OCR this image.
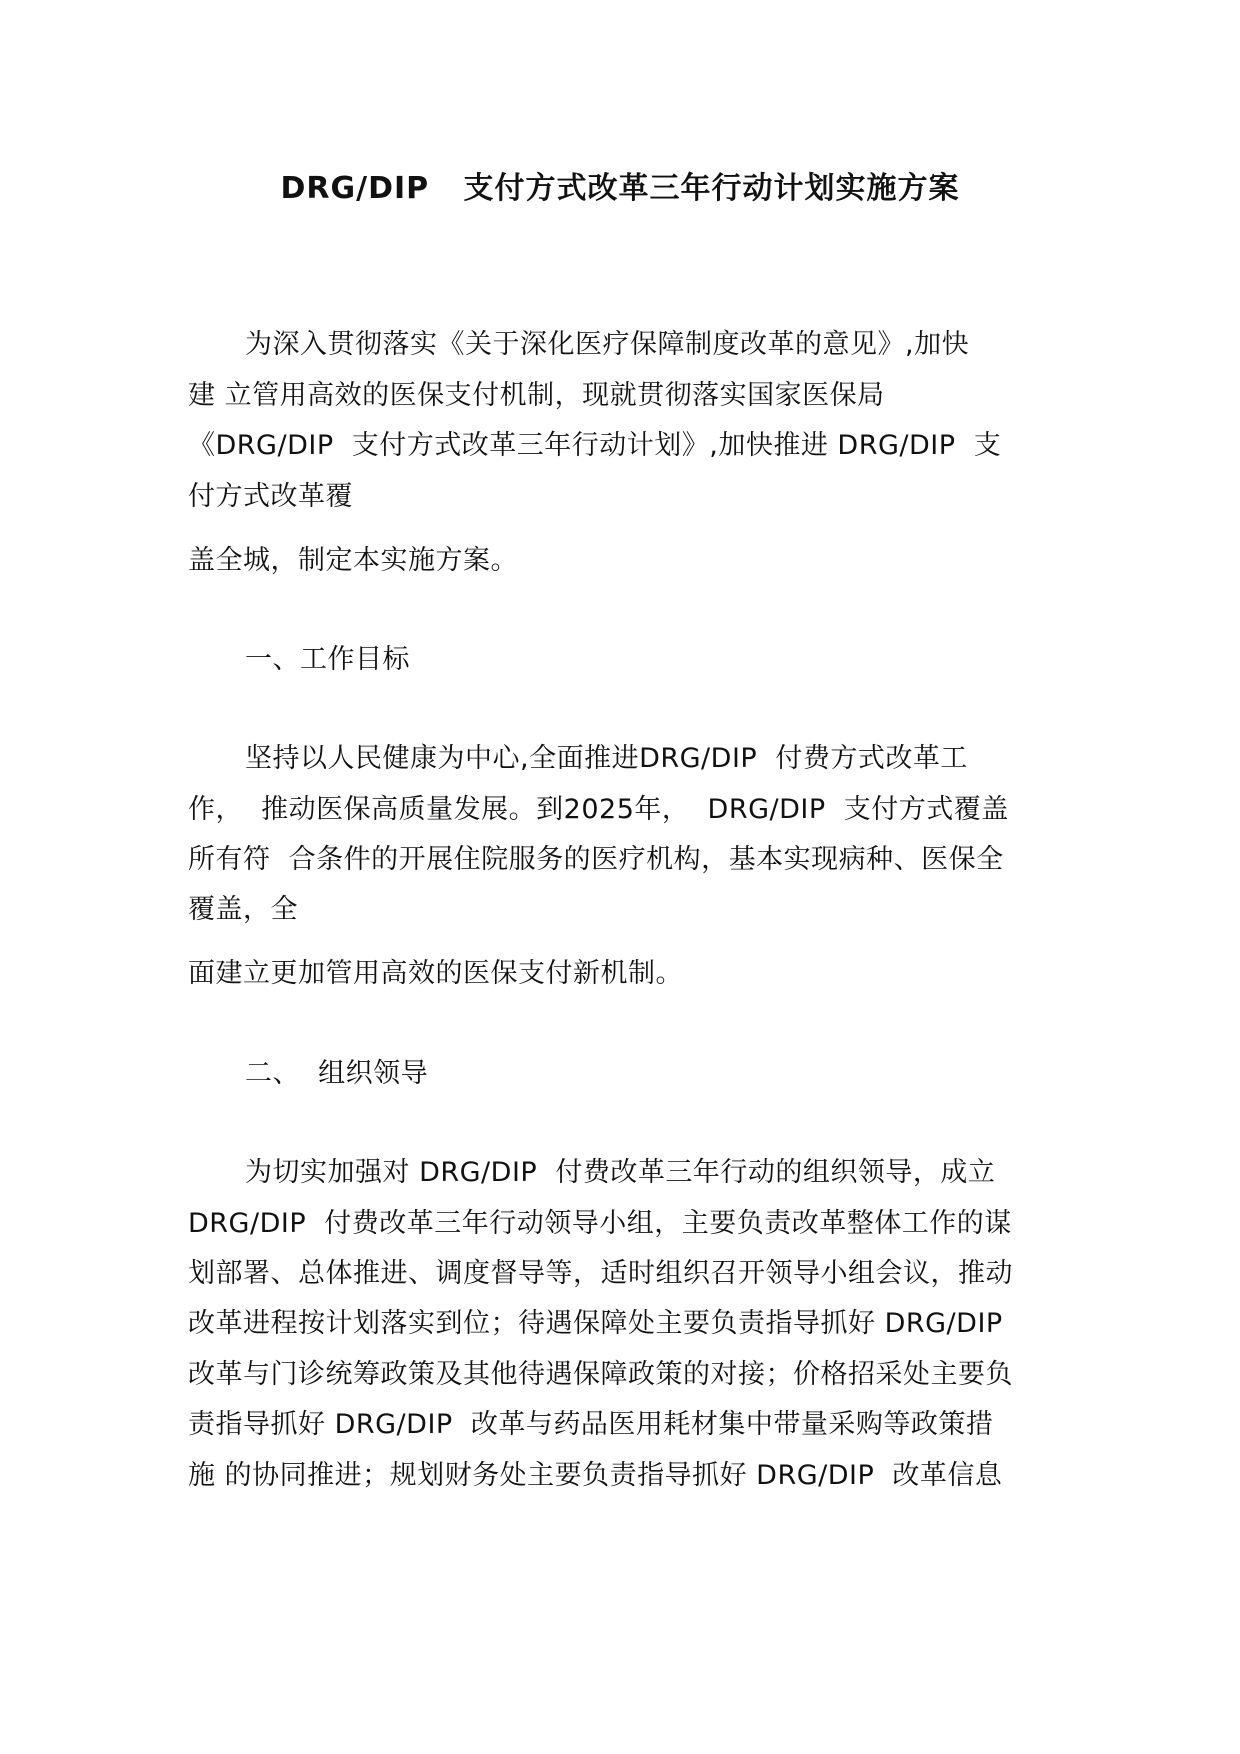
DRG/DIP   支付方式改革三年行动计划实施方案
为深入贯彻落实《关于深化医疗保障制度改革的意见》,加快
建 立管用高效的医保支付机制，现就贯彻落实国家医保局
《DRG/DIP  支付方式改革三年行动计划》,加快推进 DRG/DIP  支
付方式改革覆
盖全城，制定本实施方案。
一、工作目标
坚持以人民健康为中心,全面推进DRG/DIP  付费方式改革工
作，  推动医保高质量发展。到2025年，  DRG/DIP  支付方式覆盖
所有符  合条件的开展住院服务的医疗机构，基本实现病种、医保全
覆盖，全
面建立更加管用高效的医保支付新机制。
二、  组织领导
为切实加强对 DRG/DIP  付费改革三年行动的组织领导，成立
DRG/DIP  付费改革三年行动领导小组，主要负责改革整体工作的谋
划部署、总体推进、调度督导等，适时组织召开领导小组会议，推动
改革进程按计划落实到位；待遇保障处主要负责指导抓好 DRG/DIP
改革与门诊统筹政策及其他待遇保障政策的对接；价格招采处主要负
责指导抓好 DRG/DIP  改革与药品医用耗材集中带量采购等政策措
施 的协同推进；规划财务处主要负责指导抓好 DRG/DIP  改革信息
